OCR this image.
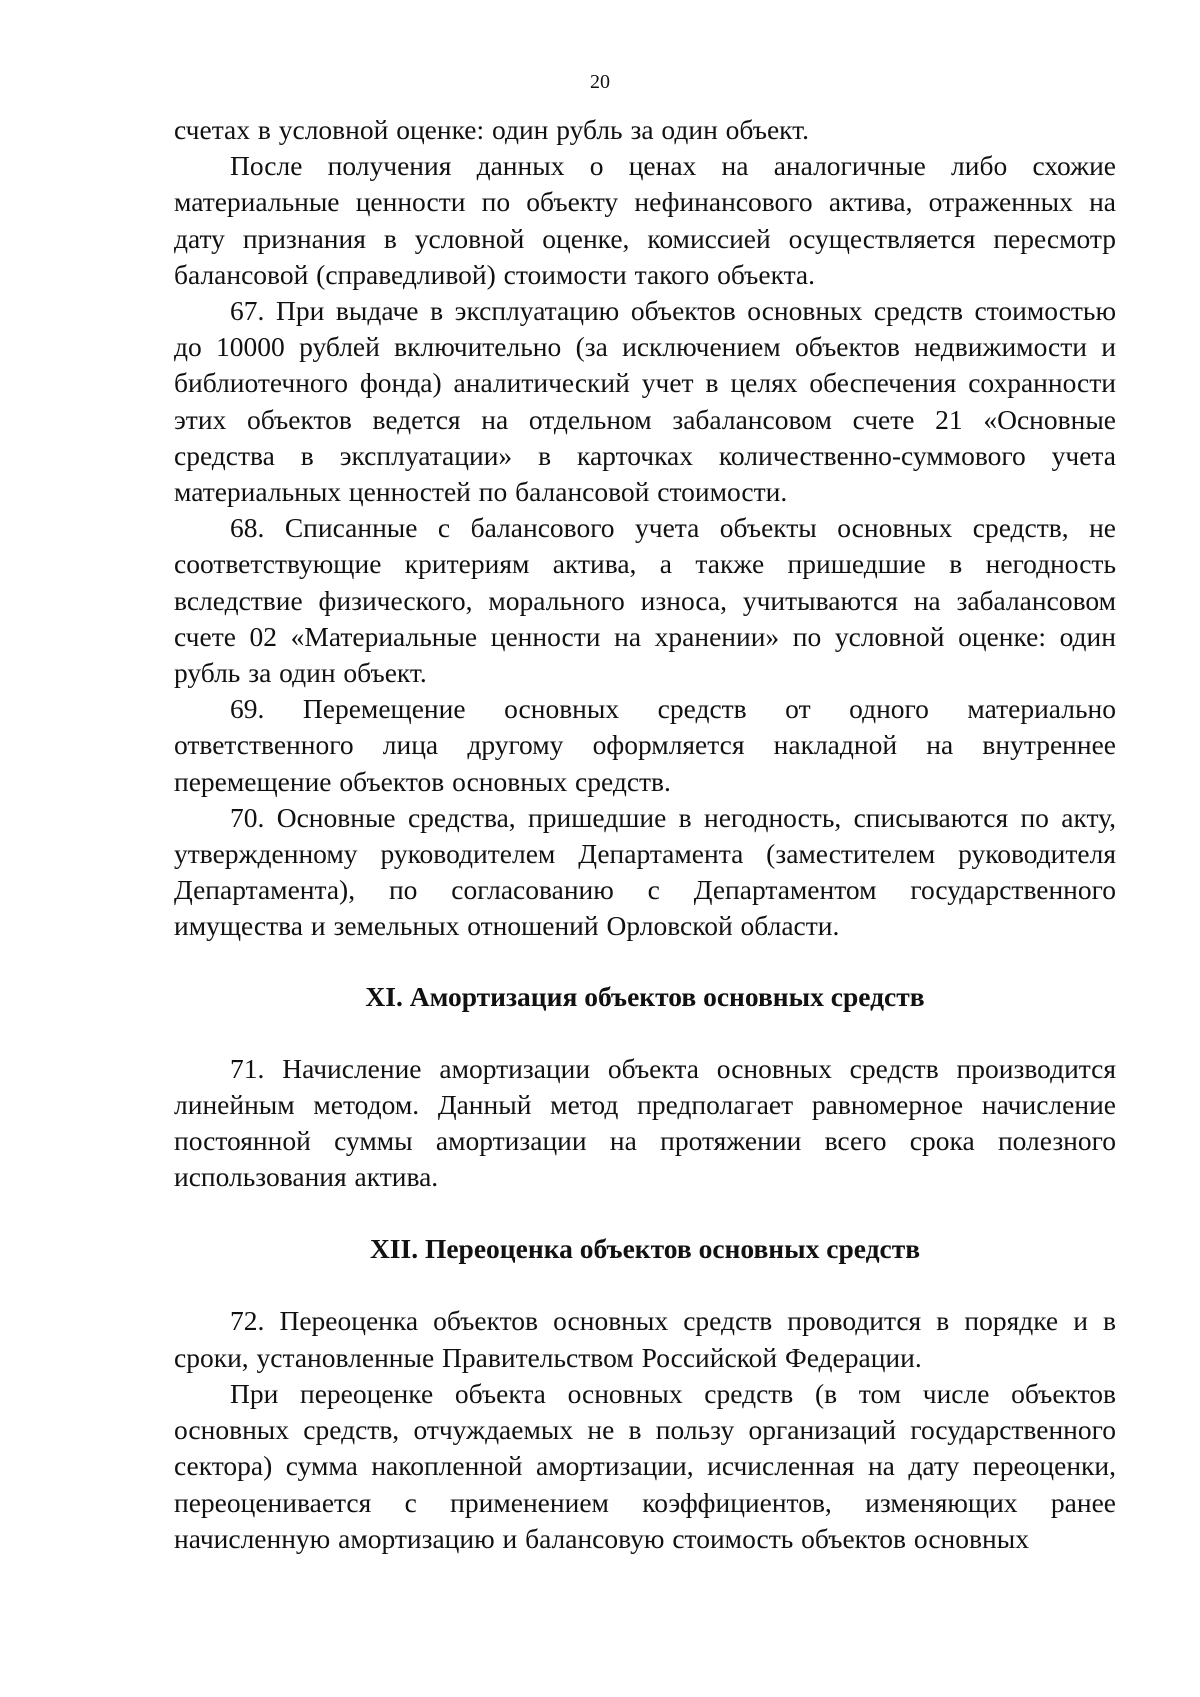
20

счетах в условной оценке: один рубль за один объект.

После получения данных о ценах на аналогичные либо схожие материальные ценности по объекту нефинансового актива, отраженных на дату признания в условной оценке, комиссией осуществляется пересмотр балансовой (справедливой) стоимости такого объекта.

67. При выдаче в эксплуатацию объектов основных средств стоимостью до 10000 рублей включительно (за исключением объектов недвижимости и библиотечного фонда) аналитический учет в целях обеспечения сохранности этих объектов ведется на отдельном забалансовом счете 21 «Основные средства в эксплуатации» в карточках количественно-суммового учета материальных ценностей по балансовой стоимости.

68. Списанные с балансового учета объекты основных средств, не соответствующие критериям актива, а также пришедшие в негодность вследствие физического, морального износа, учитываются на забалансовом счете 02 «Материальные ценности на хранении» по условной оценке: один рубль за один объект.

69. Перемещение основных средств от одного материально ответственного лица другому оформляется накладной на внутреннее перемещение объектов основных средств.

70. Основные средства, пришедшие в негодность, списываются по акту, утвержденному руководителем Департамента (заместителем руководителя Департамента), по согласованию с Департаментом государственного имущества и земельных отношений Орловской области.

XI. Амортизация объектов основных средств

71. Начисление амортизации объекта основных средств производится линейным методом. Данный метод предполагает равномерное начисление постоянной суммы амортизации на протяжении всего срока полезного использования актива.

XII. Переоценка объектов основных средств

72. Переоценка объектов основных средств проводится в порядке и в сроки, установленные Правительством Российской Федерации.

При переоценке объекта основных средств (в том числе объектов основных средств, отчуждаемых не в пользу организаций государственного сектора) сумма накопленной амортизации, исчисленная на дату переоценки, переоценивается с применением коэффициентов, изменяющих ранее начисленную амортизацию и балансовую стоимость объектов основных
